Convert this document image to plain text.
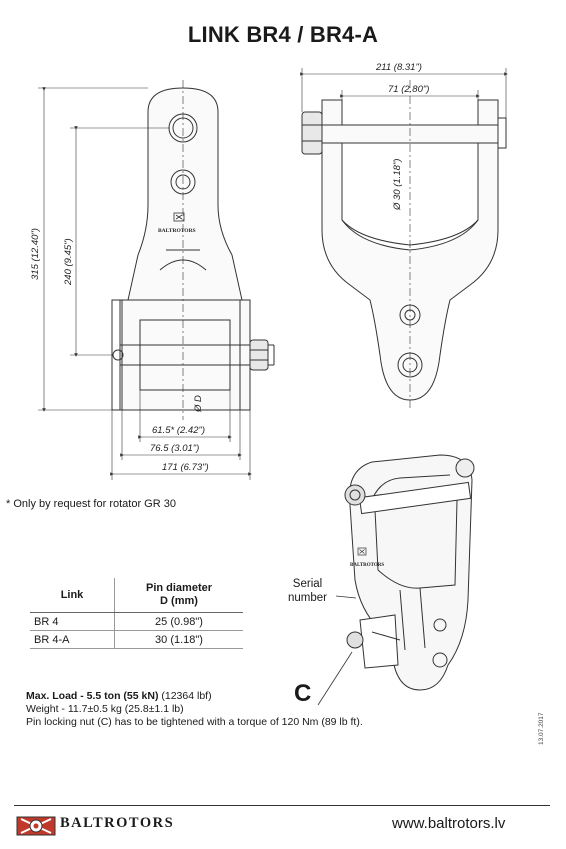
LINK BR4 / BR4-A
BALTROTORS
315 (12.40") 240 (9.45")
Ø D
61.5* (2.42")
76.5 (3.01")
171 (6.73")
211 (8.31")
71 (2.80")
Ø 30 (1.18")
BALTROTORS
* Only by request for rotator GR 30
Link	Pin diameter
D (mm)
BR 4	25 (0.98")
BR 4-A	30 (1.18")
Serial
number
C
Max. Load - 5.5 ton (55 kN) (12364 lbf)
Weight - 11.7±0.5 kg (25.8±1.1 lb)
Pin locking nut (C) has to be tightened with a torque of 120 Nm (89 lb ft).	13.07.2017
BALTROTORS	www.baltrotors.lv
